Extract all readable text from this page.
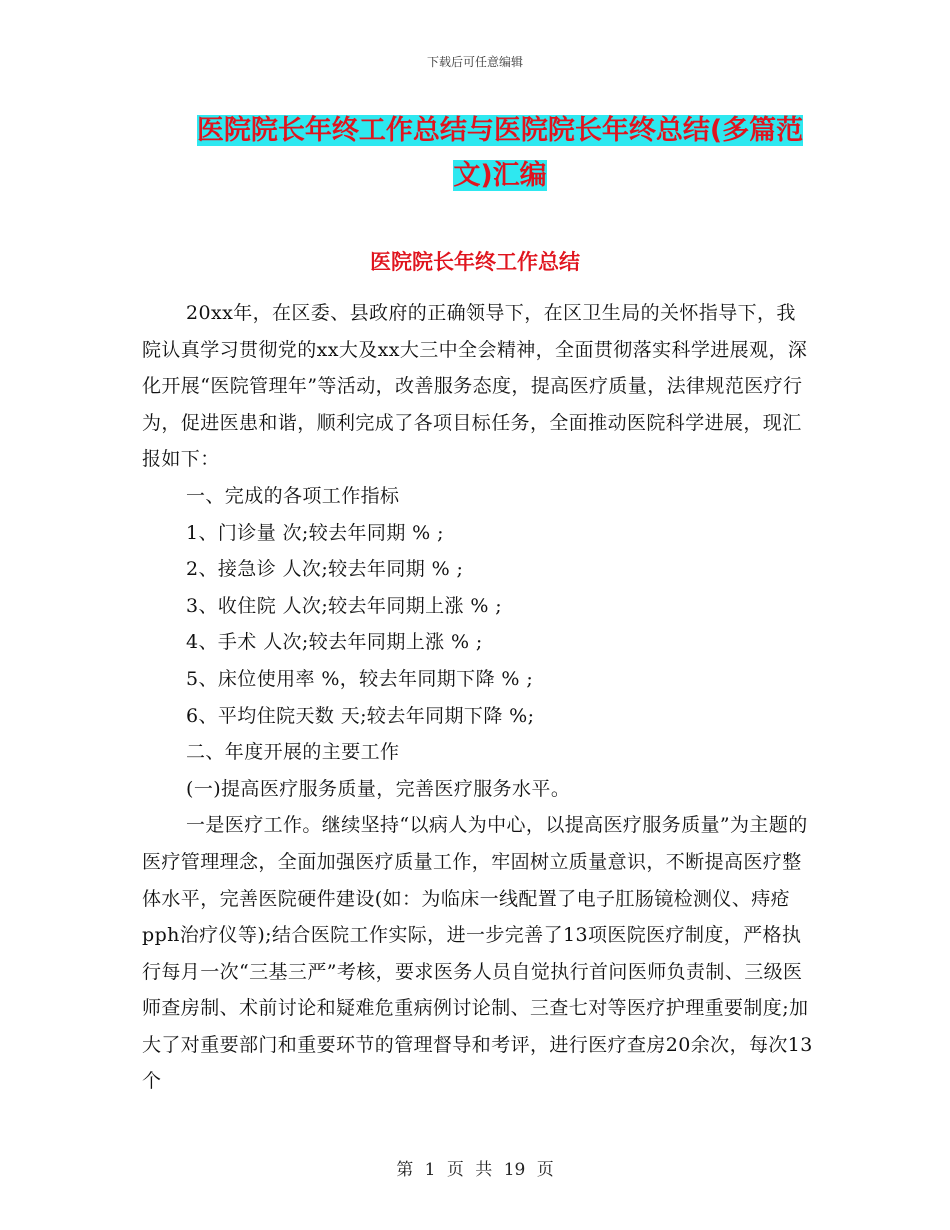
下载后可任意编辑
医院院长年终工作总结与医院院长年终总结(多篇范
文)汇编
医院院长年终工作总结

20xx年，在区委、县政府的正确领导下，在区卫生局的关怀指导下，我院认真学习贯彻党的xx大及xx大三中全会精神，全面贯彻落实科学进展观，深化开展“医院管理年”等活动，改善服务态度，提高医疗质量，法律规范医疗行为，促进医患和谐，顺利完成了各项目标任务，全面推动医院科学进展，现汇报如下：

一、完成的各项工作指标

1、门诊量 次;较去年同期 % ;

2、接急诊 人次;较去年同期 % ;

3、收住院 人次;较去年同期上涨 % ;

4、手术 人次;较去年同期上涨 % ;

5、床位使用率 %，较去年同期下降 % ;

6、平均住院天数 天;较去年同期下降 %;

二、年度开展的主要工作

(一)提高医疗服务质量，完善医疗服务水平。

一是医疗工作。继续坚持“以病人为中心，以提高医疗服务质量”为主题的医疗管理理念，全面加强医疗质量工作，牢固树立质量意识，不断提高医疗整体水平，完善医院硬件建设(如：为临床一线配置了电子肛肠镜检测仪、痔疮pph治疗仪等);结合医院工作实际，进一步完善了13项医院医疗制度，严格执行每月一次“三基三严”考核，要求医务人员自觉执行首问医师负责制、三级医师查房制、术前讨论和疑难危重病例讨论制、三查七对等医疗护理重要制度;加大了对重要部门和重要环节的管理督导和考评，进行医疗查房20余次，每次13个

第 1 页 共 19 页
